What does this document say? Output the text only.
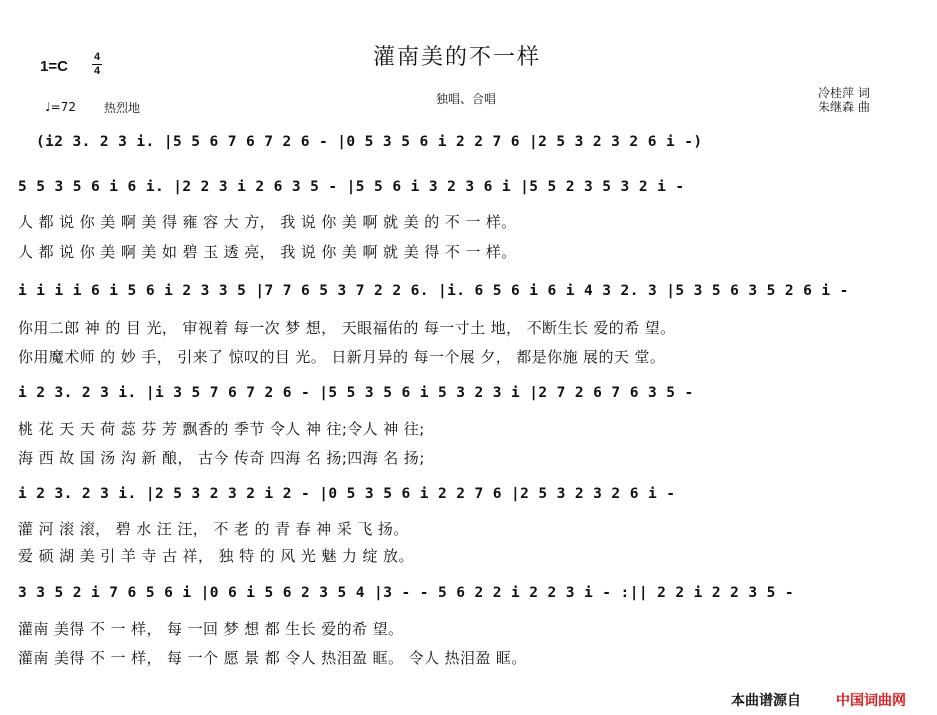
1=C
4
4
灌南美的不一样
♩=72 热烈地
独唱、合唱	冷桂萍 词
朱继森 曲
(i2 3. 2 3 i. |5 5 6 7 6 7 2 6 - |0 5 3 5 6 i 2 2 7 6 |2 5 3 2 3 2 6 i -)
5 5 3 5 6 i 6 i. |2 2 3 i 2 6 3 5 - |5 5 6 i 3 2 3 6 i |5 5 2 3 5 3 2 i -
人 都 说 你 美 啊 美 得 雍 容 大 方， 我 说 你 美 啊 就 美 的 不 一 样。
人 都 说 你 美 啊 美 如 碧 玉 透 亮， 我 说 你 美 啊 就 美 得 不 一 样。
i i i i 6 i 5 6 i 2 3 3 5 |7 7 6 5 3 7 2 2 6. |i. 6 5 6 i 6 i 4 3 2. 3 |5 3 5 6 3 5 2 6 i -
你用二郎 神 的 目 光， 审视着 每一次 梦 想， 天眼福佑的 每一寸土 地， 不断生长 爱的希 望。
你用魔术师 的 妙 手， 引来了 惊叹的目 光。 日新月异的 每一个展 夕， 都是你施 展的天 堂。
i 2 3. 2 3 i. |i 3 5 7 6 7 2 6 - |5 5 3 5 6 i 5 3 2 3 i |2 7 2 6 7 6 3 5 -
桃 花 天 天 荷 蕊 芬 芳 飘香的 季节 令人 神 往;令人 神 往;
海 西 故 国 汤 沟 新 酿， 古今 传奇 四海 名 扬;四海 名 扬;
i 2 3. 2 3 i. |2 5 3 2 3 2 i 2 - |0 5 3 5 6 i 2 2 7 6 |2 5 3 2 3 2 6 i -
灌 河 滚 滚， 碧 水 汪 汪， 不 老 的 青 春 神 采 飞 扬。
爱 硕 湖 美 引 羊 寺 古 祥， 独 特 的 风 光 魅 力 绽 放。
3 3 5 2 i 7 6 5 6 i |0 6 i 5 6 2 3 5 4 |3 - - 5 6 2 2 i 2 2 3 i - :|| 2 2 i 2 2 3 5 -
灌南 美得 不 一 样， 每 一回 梦 想 都 生长 爱的希 望。
灌南 美得 不 一 样， 每 一个 愿 景 都 令人 热泪盈 眶。 令人 热泪盈 眶。
本曲谱源自	中国词曲网
